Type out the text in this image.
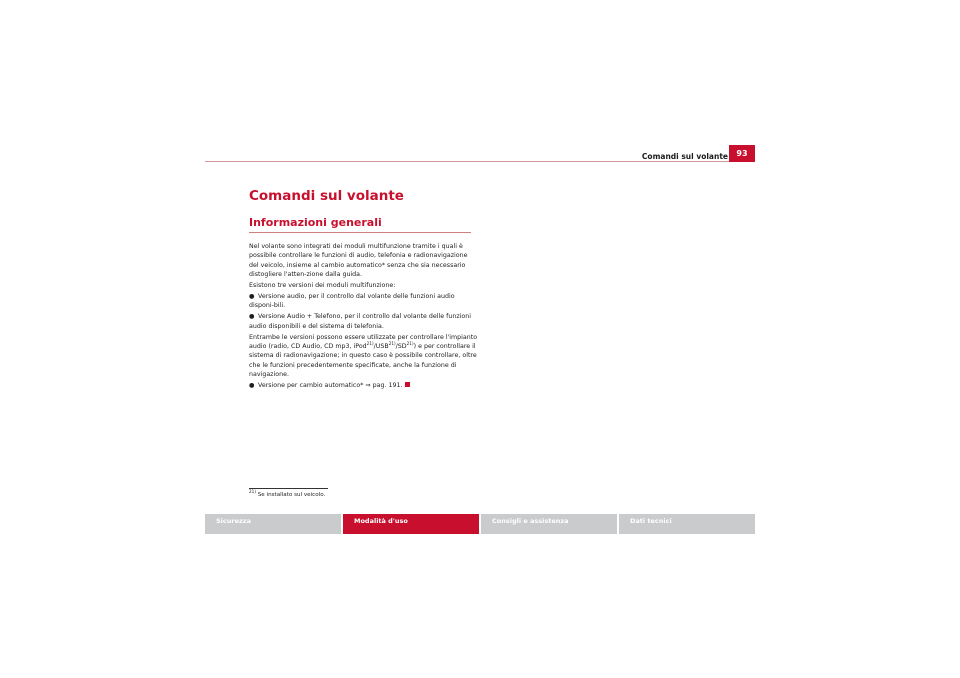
Comandi sul volante	93
Comandi sul volante
Informazioni generali

Nel volante sono integrati dei moduli multifunzione tramite i quali è possibile controllare le funzioni di audio, telefonia e radionavigazione del veicolo, insieme al cambio automatico* senza che sia necessario distogliere l'atten-zione dalla guida.

Esistono tre versioni dei moduli multifunzione:

● Versione audio, per il controllo dal volante delle funzioni audio disponi-bili.

● Versione Audio + Telefono, per il controllo dal volante delle funzioni audio disponibili e del sistema di telefonia.

Entrambe le versioni possono essere utilizzate per controllare l'impianto audio (radio, CD Audio, CD mp3, iPod$^{21)}$/USB$^{21)}$/SD$^{21)}$) e per controllare il sistema di radionavigazione; in questo caso è possibile controllare, oltre che le funzioni precedentemente specificate, anche la funzione di navigazione.

● Versione per cambio automatico* ⇒ pag. 191.

$^{21)}$ Se installato sul veicolo.
Sicurezza	Modalità d'uso	Consigli e assistenza	Dati tecnici
